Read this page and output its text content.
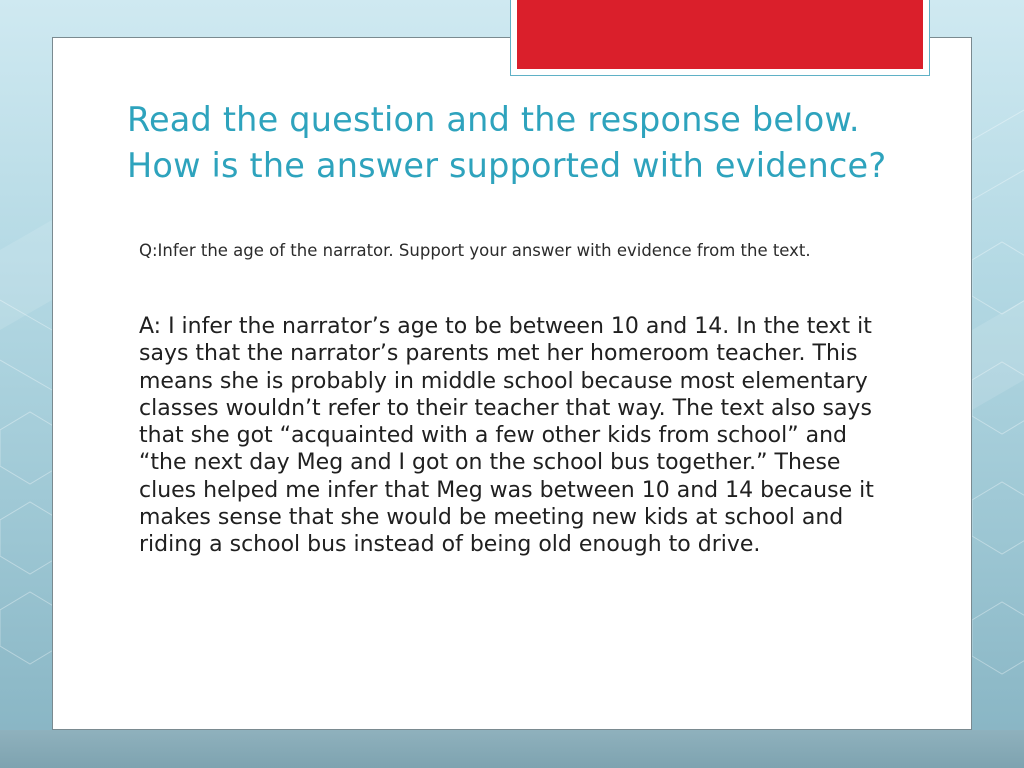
Read the question and the response below. How is the answer supported with evidence?

Q:Infer the age of the narrator. Support your answer with evidence from the text.

A: I infer the narrator’s age to be between 10 and 14. In the text it says that the narrator’s parents met her homeroom teacher. This means she is probably in middle school because most elementary classes wouldn’t refer to their teacher that way. The text also says that she got “acquainted with a few other kids from school” and “the next day Meg and I got on the school bus together.” These clues helped me infer that Meg was between 10 and 14 because it makes sense that she would be meeting new kids at school and riding a school bus instead of being old enough to drive.
